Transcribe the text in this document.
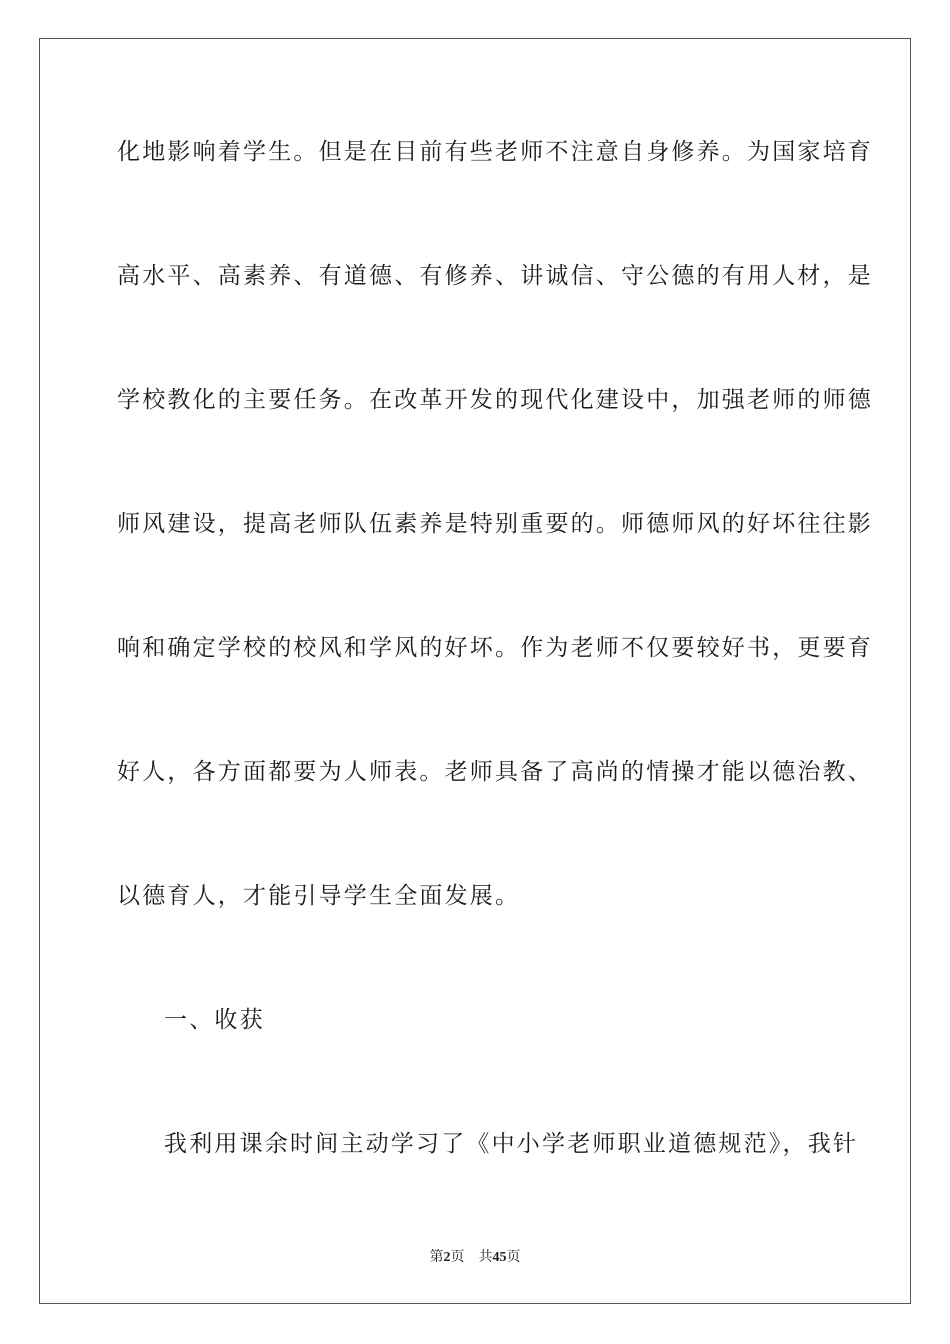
化地影响着学生。但是在目前有些老师不注意自身修养。为国家培育
高水平、高素养、有道德、有修养、讲诚信、守公德的有用人材，是
学校教化的主要任务。在改革开发的现代化建设中，加强老师的师德
师风建设，提高老师队伍素养是特别重要的。师德师风的好坏往往影
响和确定学校的校风和学风的好坏。作为老师不仅要较好书，更要育
好人，各方面都要为人师表。老师具备了高尚的情操才能以德治教、
以德育人，才能引导学生全面发展。
一、收获
我利用课余时间主动学习了《中小学老师职业道德规范》，我针
第2页 共45页
